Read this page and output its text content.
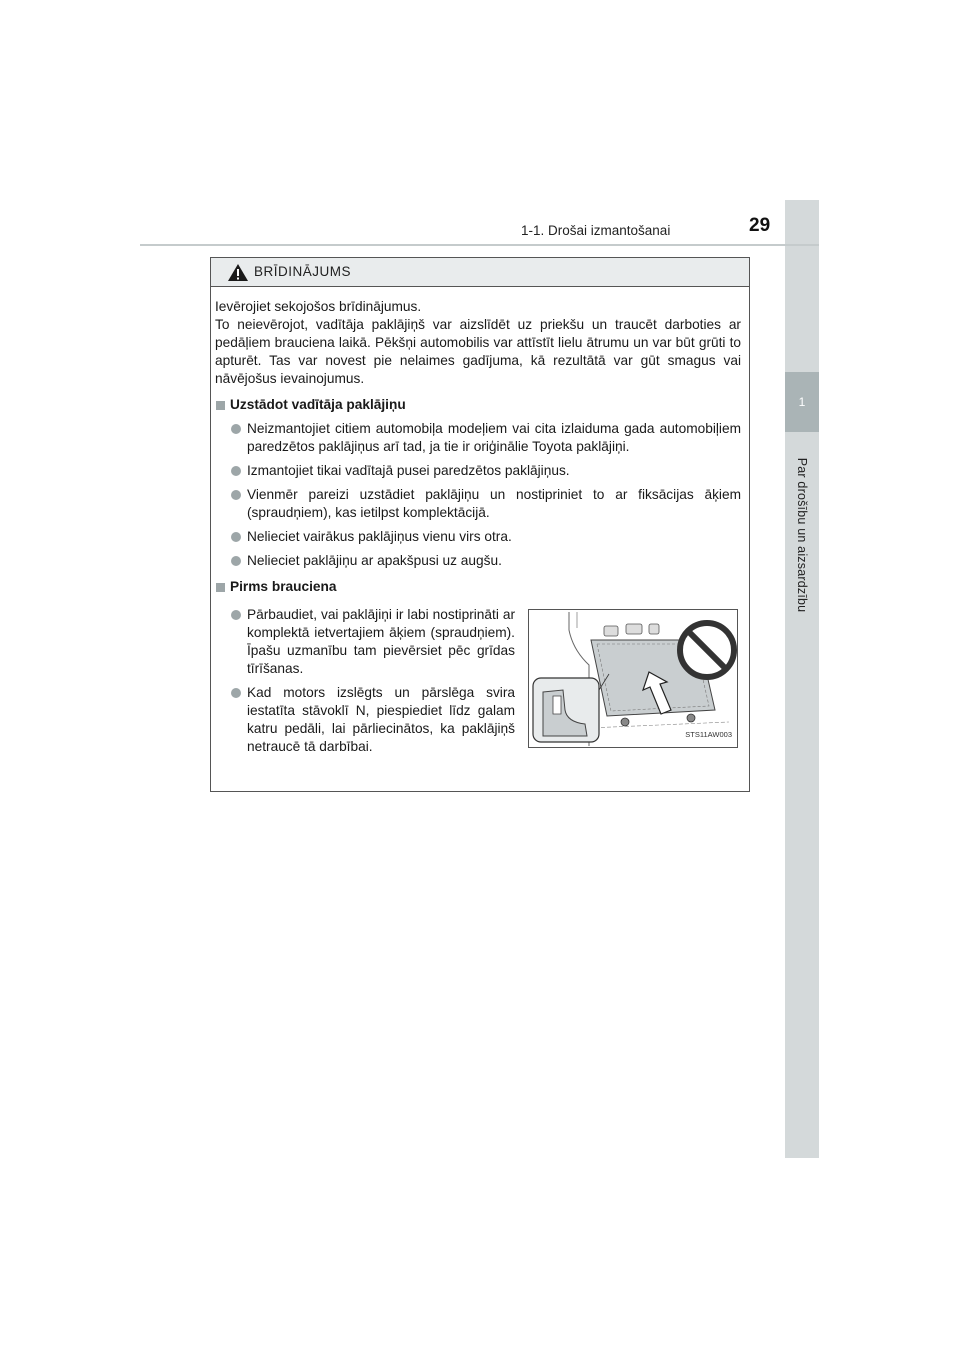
1
Par drošību un aizsardzību
1-1. Drošai izmantošanai	29
BRĪDINĀJUMS

Ievērojiet sekojošos brīdinājumus.

To neievērojot, vadītāja paklājiņš var aizslīdēt uz priekšu un traucēt darboties ar pedāļiem brauciena laikā. Pēkšņi automobilis var attīstīt lielu ātrumu un var būt grūti to apturēt. Tas var novest pie nelaimes gadījuma, kā rezultātā var gūt smagus vai nāvējošus ievainojumus.

Uzstādot vadītāja paklājiņu
Neizmantojiet citiem automobiļa modeļiem vai cita izlaiduma gada automobiļiem paredzētos paklājiņus arī tad, ja tie ir oriģinālie Toyota paklājiņi.
Izmantojiet tikai vadītajā pusei paredzētos paklājiņus.
Vienmēr pareizi uzstādiet paklājiņu un nostipriniet to ar fiksācijas āķiem (spraudņiem), kas ietilpst komplektācijā.
Nelieciet vairākus paklājiņus vienu virs otra.
Nelieciet paklājiņu ar apakšpusi uz augšu.
Pirms brauciena
Pārbaudiet, vai paklājiņi ir labi nostiprināti ar komplektā ietvertajiem āķiem (spraudņiem). Īpašu uzmanību tam pievērsiet pēc grīdas tīrīšanas.
Kad motors izslēgts un pārslēga svira iestatīta stāvoklī N, piespiediet līdz galam katru pedāli, lai pārliecinātos, ka paklājiņš netraucē tā darbībai.
STS11AW003
